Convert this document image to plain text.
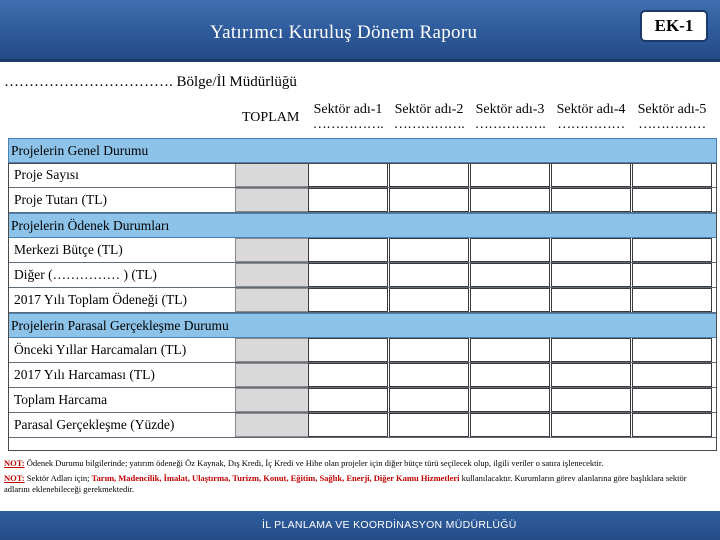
Yatırımcı Kuruluş Dönem Raporu	EK-1
……………………………. Bölge/İl Müdürlüğü
TOPLAM
Sektör adı-1
…………….
Sektör adı-2
…………….
Sektör adı-3
…………….
Sektör adı-4
……………
Sektör adı-5
……………
Projelerin Genel Durumu
Proje Sayısı
Proje Tutarı (TL)
Projelerin Ödenek Durumları
Merkezi Bütçe (TL)
Diğer (…………… ) (TL)
2017 Yılı Toplam Ödeneği (TL)
Projelerin Parasal Gerçekleşme Durumu
Önceki Yıllar Harcamaları (TL)
2017 Yılı Harcaması (TL)
Toplam Harcama
Parasal Gerçekleşme (Yüzde)
NOT: Ödenek Durumu bilgilerinde; yatırım ödeneği Öz Kaynak, Dış Kredi, İç Kredi ve Hibe olan projeler için diğer bütçe türü seçilecek olup, ilgili veriler o satıra işlenecektir.
NOT: Sektör Adları için; Tarım, Madencilik, İmalat, Ulaştırma, Turizm, Konut, Eğitim, Sağlık, Enerji, Diğer Kamu Hizmetleri kullanılacaktır. Kurumların görev alanlarına göre başlıklara sektör adlarını eklenebileceği gerekmektedir.
İL PLANLAMA VE KOORDİNASYON MÜDÜRLÜĞÜ
